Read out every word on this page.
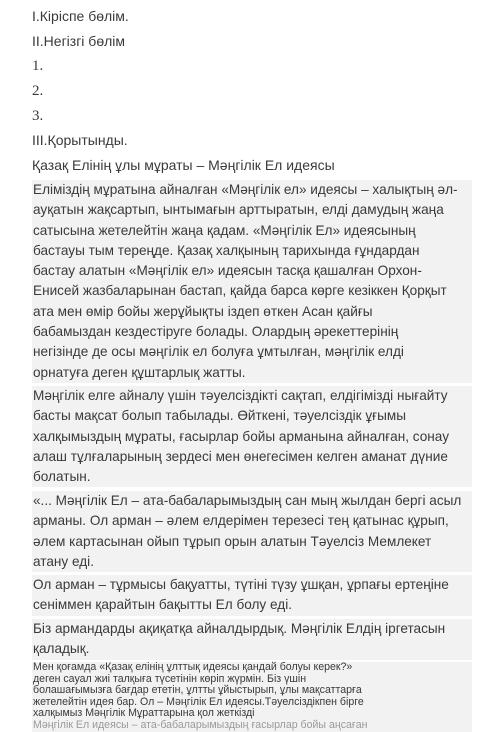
I.Кіріспе бөлім.
II.Негізгі бөлім
1.
2.
3.
III.Қорытынды.
Қазақ Елінің ұлы мұраты – Мәңгілік Ел идеясы
Еліміздің мұратына айналған «Мәңгілік ел» идеясы – халықтың әл-
ауқатын жақсартып, ынтымағын арттыратын, елді дамудың жаңа
сатысына жетелейтін жаңа қадам. «Мәңгілік Ел» идеясының
бастауы тым тереңде. Қазақ халқының тарихында ғұндардан
бастау алатын «Мәңгілік ел» идеясын тасқа қашалған Орхон-
Енисей жазбаларынан бастап, қайда барса көрге кезіккен Қорқыт
ата мен өмір бойы жерұйықты іздеп өткен Асан қайғы
бабамыздан кездестіруге болады. Олардың әрекеттерінің
негізінде де осы мәңгілік ел болуға ұмтылған, мәңгілік елді
орнатуға деген құштарлық жатты.
Мәңгілік елге айналу үшін тәуелсіздікті сақтап, елдігімізді нығайту
басты мақсат болып табылады. Өйткені, тәуелсіздік ұғымы
халқымыздың мұраты, ғасырлар бойы арманына айналған, сонау
алаш тұлғаларының зердесі мен өнегесімен келген аманат дүние
болатын.
«... Мәңгілік Ел – ата-бабаларымыздың сан мың жылдан бергі асыл
арманы. Ол арман – әлем елдерімен терезесі тең қатынас құрып,
әлем картасынан ойып тұрып орын алатын Тәуелсіз Мемлекет
атану еді.
Ол арман – тұрмысы бақуатты, түтіні түзу ұшқан, ұрпағы ертеңіне
сеніммен қарайтын бақытты Ел болу еді.
Біз армандарды ақиқатқа айналдырдық. Мәңгілік Елдің іргетасын
қаладық.
Мен қоғамда «Қазақ елінің ұлттық идеясы қандай болуы керек?»
деген сауал жиі талқыға түсетінін көріп жүрмін. Біз үшін
болашағымызға бағдар ететін, ұлтты ұйыстырып, ұлы мақсаттарға
жетелейтін идея бар. Ол – Мәңгілік Ел идеясы.Тәуелсіздікпен бірге
халқымыз Мәңгілік Мұраттарына қол жеткізді
Мәңгілік Ел идеясы – ата-бабаларымыздың ғасырлар бойы аңсаған
